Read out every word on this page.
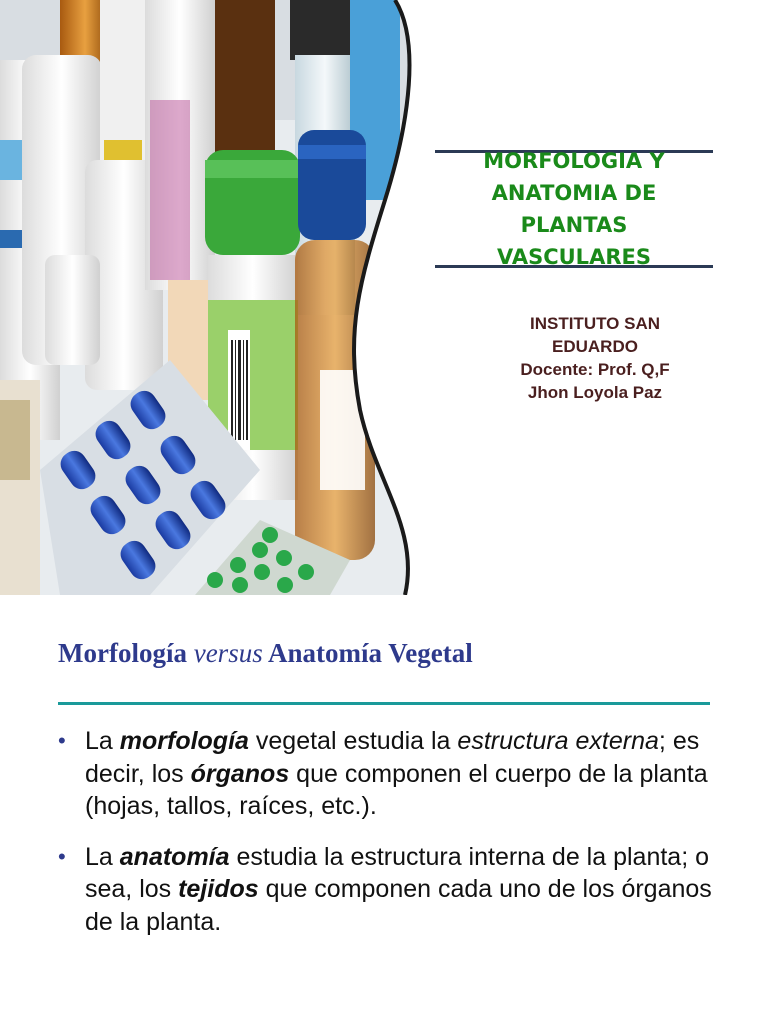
MORFOLOGIA Y
ANATOMIA DE PLANTAS
VASCULARES
INSTITUTO SAN
EDUARDO
Docente: Prof. Q,F
Jhon Loyola Paz
Morfología versus Anatomía Vegetal
• La morfología vegetal estudia la estructura externa; es decir, los órganos que componen el cuerpo de la planta (hojas, tallos, raíces, etc.).
• La anatomía estudia la estructura interna de la planta; o sea, los tejidos que componen cada uno de los órganos de la planta.
